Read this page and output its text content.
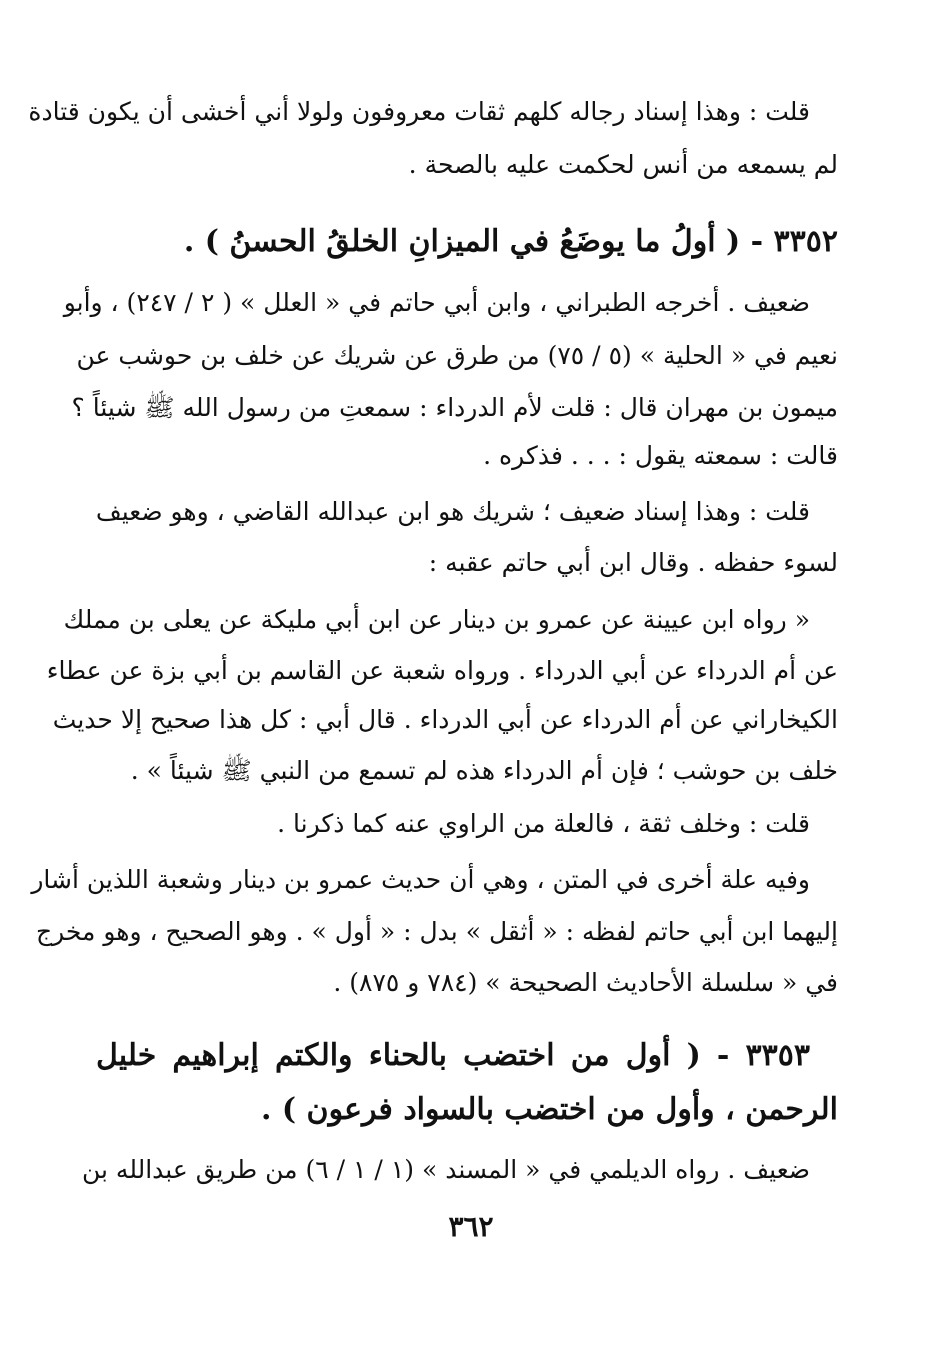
قلت : وهذا إسناد رجاله كلهم ثقات معروفون ولولا أني أخشى أن يكون قتادة
لم يسمعه من أنس لحكمت عليه بالصحة .
٣٣٥٢ - ( أولُ ما يوضَعُ في الميزانِ الخلقُ الحسنُ ) .
ضعيف . أخرجه الطبراني ، وابن أبي حاتم في « العلل » ( ٢ / ٢٤٧) ، وأبو
نعيم في « الحلية » (٥ / ٧٥) من طرق عن شريك عن خلف بن حوشب عن
ميمون بن مهران قال : قلت لأم الدرداء : سمعتِ من رسول الله ﷺ شيئاً ؟
قالت : سمعته يقول : . . . فذكره .
قلت : وهذا إسناد ضعيف ؛ شريك هو ابن عبدالله القاضي ، وهو ضعيف
لسوء حفظه . وقال ابن أبي حاتم عقبه :
« رواه ابن عيينة عن عمرو بن دينار عن ابن أبي مليكة عن يعلى بن مملك
عن أم الدرداء عن أبي الدرداء . ورواه شعبة عن القاسم بن أبي بزة عن عطاء
الكيخاراني عن أم الدرداء عن أبي الدرداء . قال أبي : كل هذا صحيح إلا حديث
خلف بن حوشب ؛ فإن أم الدرداء هذه لم تسمع من النبي ﷺ شيئاً » .
قلت : وخلف ثقة ، فالعلة من الراوي عنه كما ذكرنا .
وفيه علة أخرى في المتن ، وهي أن حديث عمرو بن دينار وشعبة اللذين أشار
إليهما ابن أبي حاتم لفظه : « أثقل » بدل : « أول » . وهو الصحيح ، وهو مخرج
في « سلسلة الأحاديث الصحيحة » (٧٨٤ و ٨٧٥) .
٣٣٥٣ - ( أول من اختضب بالحناء والكتم إبراهيم خليل
الرحمن ، وأول من اختضب بالسواد فرعون ) .
ضعيف . رواه الديلمي في « المسند » (١ / ١ / ٦) من طريق عبدالله بن
٣٦٢
